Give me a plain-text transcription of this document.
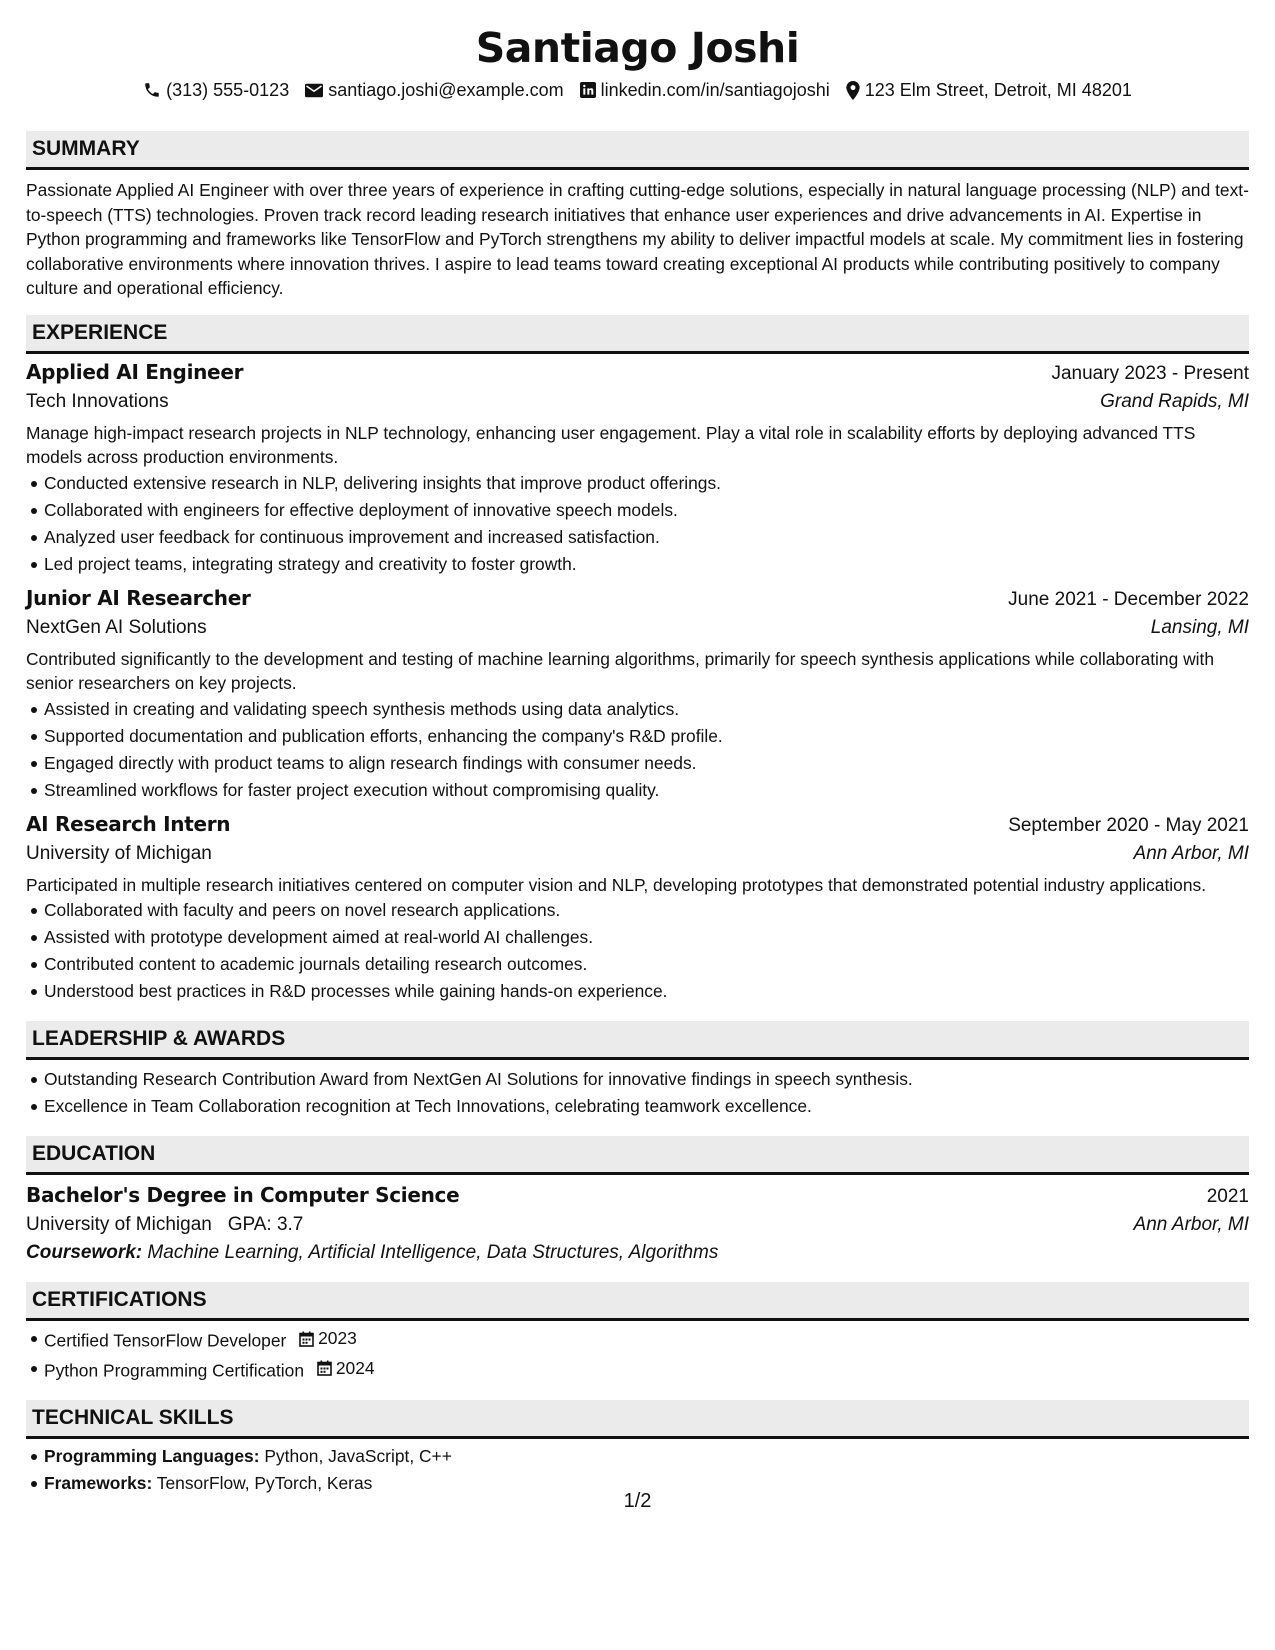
Santiago Joshi
(313) 555-0123 santiago.joshi@example.com linkedin.com/in/santiagojoshi 123 Elm Street, Detroit, MI 48201
SUMMARY

Passionate Applied AI Engineer with over three years of experience in crafting cutting-edge solutions, especially in natural language processing (NLP) and text-to-speech (TTS) technologies. Proven track record leading research initiatives that enhance user experiences and drive advancements in AI. Expertise in Python programming and frameworks like TensorFlow and PyTorch strengthens my ability to deliver impactful models at scale. My commitment lies in fostering collaborative environments where innovation thrives. I aspire to lead teams toward creating exceptional AI products while contributing positively to company culture and operational efficiency.

EXPERIENCE
Applied AI Engineer	January 2023 - Present
Tech Innovations	Grand Rapids, MI

Manage high-impact research projects in NLP technology, enhancing user engagement. Play a vital role in scalability efforts by deploying advanced TTS models across production environments.

Conducted extensive research in NLP, delivering insights that improve product offerings.
Collaborated with engineers for effective deployment of innovative speech models.
Analyzed user feedback for continuous improvement and increased satisfaction.
Led project teams, integrating strategy and creativity to foster growth.
Junior AI Researcher	June 2021 - December 2022
NextGen AI Solutions	Lansing, MI

Contributed significantly to the development and testing of machine learning algorithms, primarily for speech synthesis applications while collaborating with senior researchers on key projects.

Assisted in creating and validating speech synthesis methods using data analytics.
Supported documentation and publication efforts, enhancing the company's R&D profile.
Engaged directly with product teams to align research findings with consumer needs.
Streamlined workflows for faster project execution without compromising quality.
AI Research Intern	September 2020 - May 2021
University of Michigan	Ann Arbor, MI

Participated in multiple research initiatives centered on computer vision and NLP, developing prototypes that demonstrated potential industry applications.

Collaborated with faculty and peers on novel research applications.
Assisted with prototype development aimed at real-world AI challenges.
Contributed content to academic journals detailing research outcomes.
Understood best practices in R&D processes while gaining hands-on experience.
LEADERSHIP & AWARDS
Outstanding Research Contribution Award from NextGen AI Solutions for innovative findings in speech synthesis.
Excellence in Team Collaboration recognition at Tech Innovations, celebrating teamwork excellence.
EDUCATION
Bachelor's Degree in Computer Science	2021
University of Michigan GPA: 3.7	Ann Arbor, MI
Coursework: Machine Learning, Artificial Intelligence, Data Structures, Algorithms
CERTIFICATIONS
Certified TensorFlow Developer 2023
Python Programming Certification 2024
TECHNICAL SKILLS
Programming Languages: Python, JavaScript, C++
Frameworks: TensorFlow, PyTorch, Keras
1/2
